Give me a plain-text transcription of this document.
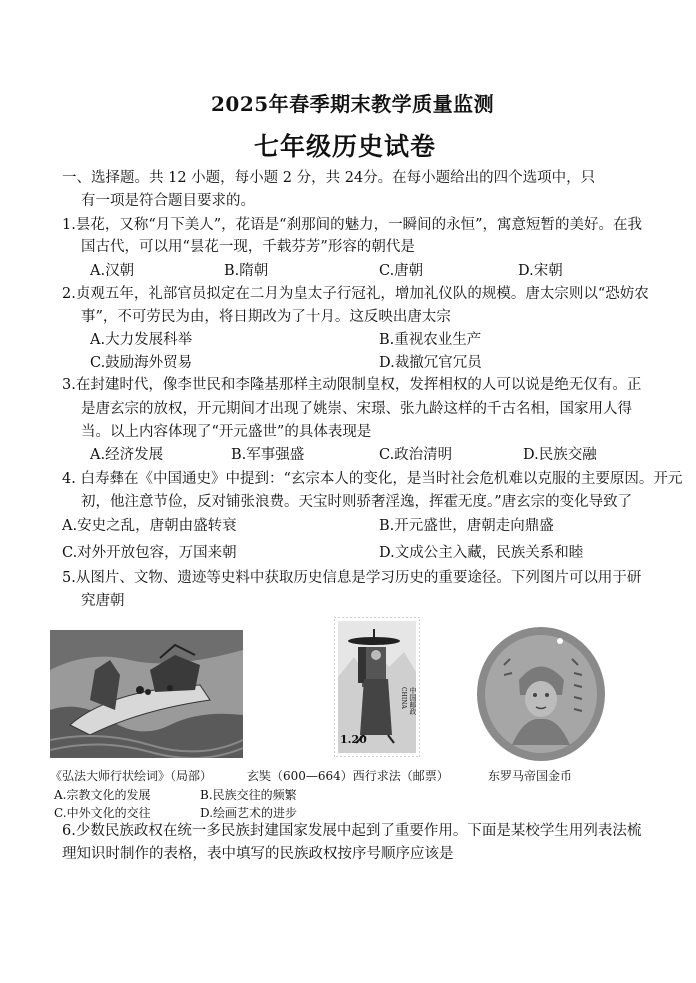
2025年春季期末教学质量监测
七年级历史试卷
一、选择题。共 12 小题，每小题 2 分，共 24分。在每小题给出的四个选项中，只
有一项是符合题目要求的。
1.昙花，又称“月下美人”，花语是“刹那间的魅力，一瞬间的永恒”，寓意短暂的美好。在我
国古代，可以用“昙花一现，千载芬芳”形容的朝代是
A.汉朝	B.隋朝	C.唐朝	D.宋朝
2.贞观五年，礼部官员拟定在二月为皇太子行冠礼，增加礼仪队的规模。唐太宗则以“恐妨农
事”，不可劳民为由，将日期改为了十月。这反映出唐太宗
A.大力发展科举	B.重视农业生产
C.鼓励海外贸易	D.裁撤冗官冗员
3.在封建时代，像李世民和李隆基那样主动限制皇权，发挥相权的人可以说是绝无仅有。正
是唐玄宗的放权，开元期间才出现了姚崇、宋璟、张九龄这样的千古名相，国家用人得
当。以上内容体现了“开元盛世”的具体表现是
A.经济发展	B.军事强盛	C.政治清明	D.民族交融
4. 白寿彝在《中国通史》中提到：“玄宗本人的变化，是当时社会危机难以克服的主要原因。开元
初，他注意节俭，反对铺张浪费。天宝时则骄奢淫逸，挥霍无度。”唐玄宗的变化导致了
A.安史之乱，唐朝由盛转衰	B.开元盛世，唐朝走向鼎盛
C.对外开放包容，万国来朝	D.文成公主入藏，民族关系和睦
5.从图片、文物、遗迹等史料中获取历史信息是学习历史的重要途径。下列图片可以用于研
究唐朝
1.20
中国邮政
CHINA
《弘法大师行状绘词》（局部）	玄奘（600—664）西行求法（邮票）	东罗马帝国金币
A.宗教文化的发展	B.民族交往的频繁
C.中外文化的交往	D.绘画艺术的进步
6.少数民族政权在统一多民族封建国家发展中起到了重要作用。下面是某校学生用列表法梳
理知识时制作的表格，表中填写的民族政权按序号顺序应该是
